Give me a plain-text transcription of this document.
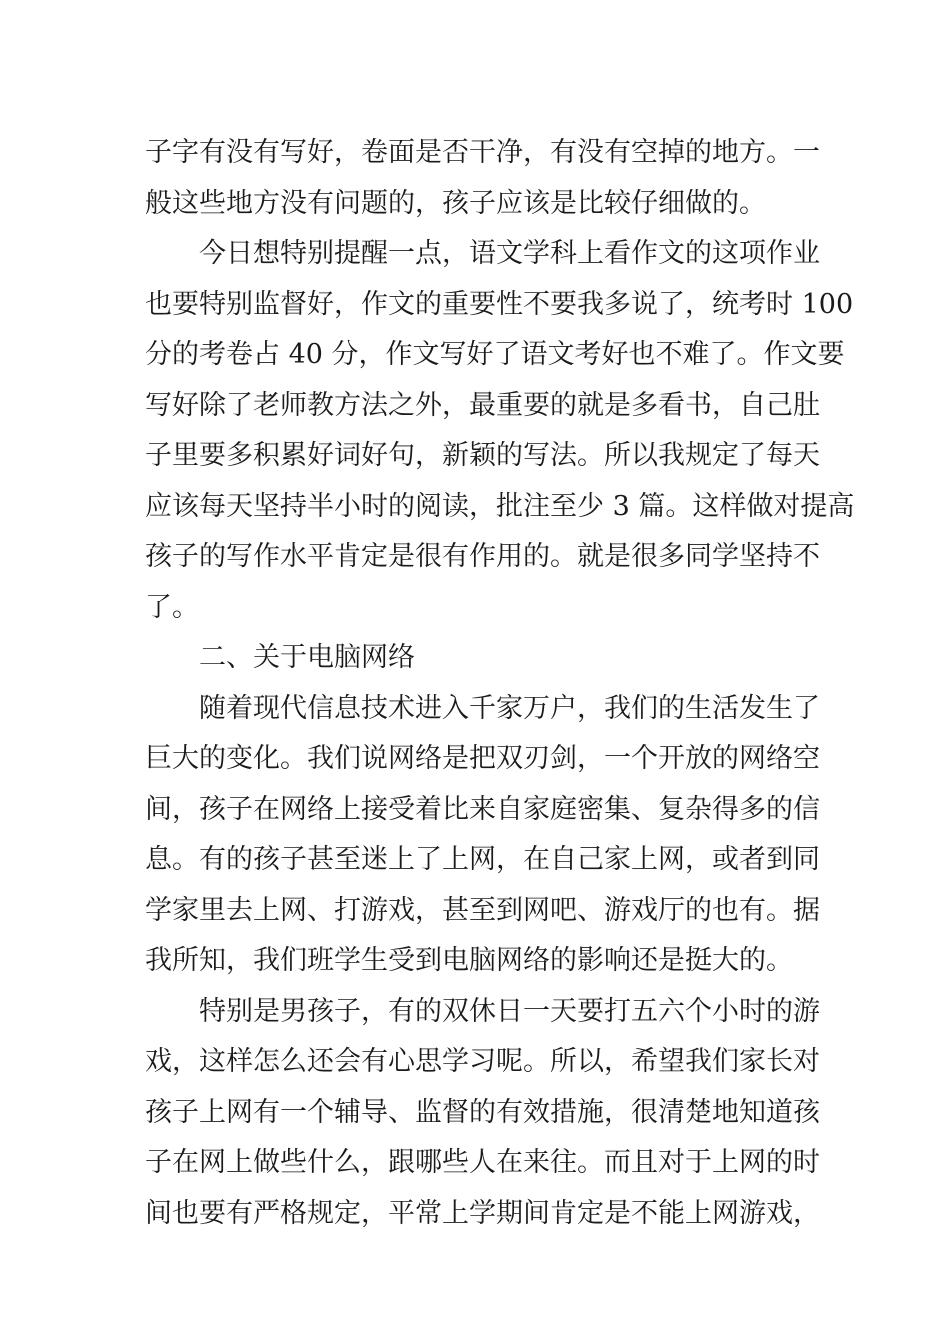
子字有没有写好，卷面是否干净，有没有空掉的地方。一
般这些地方没有问题的，孩子应该是比较仔细做的。
今日想特别提醒一点，语文学科上看作文的这项作业
也要特别监督好，作文的重要性不要我多说了，统考时 100
分的考卷占 40 分，作文写好了语文考好也不难了。作文要
写好除了老师教方法之外，最重要的就是多看书，自己肚
子里要多积累好词好句，新颖的写法。所以我规定了每天
应该每天坚持半小时的阅读，批注至少 3 篇。这样做对提高
孩子的写作水平肯定是很有作用的。就是很多同学坚持不
了。
二、关于电脑网络
随着现代信息技术进入千家万户，我们的生活发生了
巨大的变化。我们说网络是把双刃剑，一个开放的网络空
间，孩子在网络上接受着比来自家庭密集、复杂得多的信
息。有的孩子甚至迷上了上网，在自己家上网，或者到同
学家里去上网、打游戏，甚至到网吧、游戏厅的也有。据
我所知，我们班学生受到电脑网络的影响还是挺大的。
特别是男孩子，有的双休日一天要打五六个小时的游
戏，这样怎么还会有心思学习呢。所以，希望我们家长对
孩子上网有一个辅导、监督的有效措施，很清楚地知道孩
子在网上做些什么，跟哪些人在来往。而且对于上网的时
间也要有严格规定，平常上学期间肯定是不能上网游戏，
